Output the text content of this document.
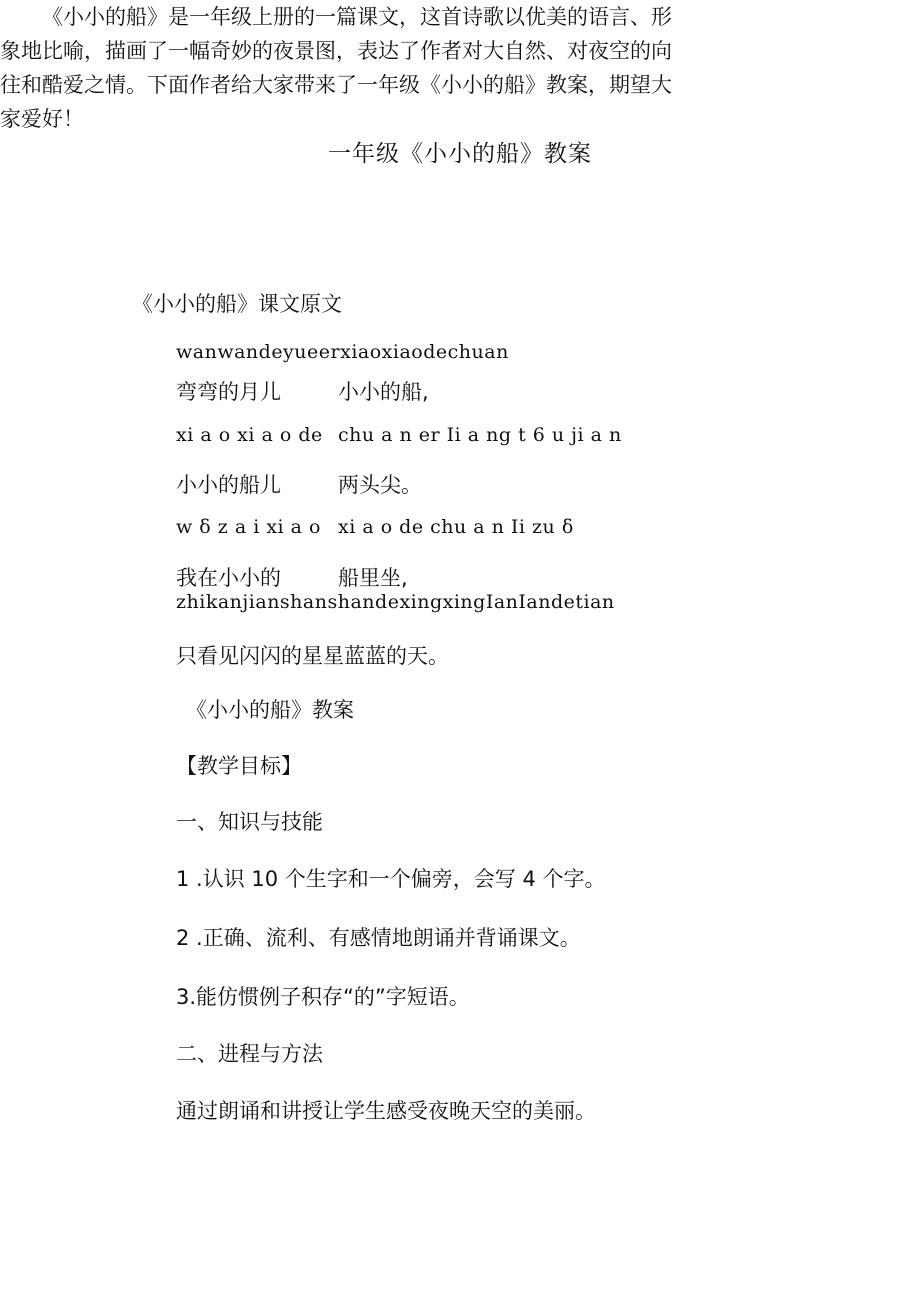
一年级《小小的船》教案

《小小的船》是一年级上册的一篇课文，这首诗歌以优美的语言、形象地比喻，描画了一幅奇妙的夜景图，表达了作者对大自然、对夜空的向往和酷爱之情。下面作者给大家带来了一年级《小小的船》教案，期望大家爱好！

《小小的船》课文原文
wanwandeyueerxiaoxiaodechuan
弯弯的月儿	小小的船,
xi a o xi a o de chu a n er Ii a ng t 6 u ji a n
小小的船儿	两头尖。
w δ z a i xi a o xi a o de chu a n Ii zu δ
我在小小的	船里坐,
zhikanjianshanshandexingxingIanIandetian
只看见闪闪的星星蓝蓝的天。
《小小的船》教案
【教学目标】
一、知识与技能
1 .认识 10 个生字和一个偏旁，会写 4 个字。
2 .正确、流利、有感情地朗诵并背诵课文。
3.能仿惯例子积存“的”字短语。
二、进程与方法
通过朗诵和讲授让学生感受夜晚天空的美丽。
